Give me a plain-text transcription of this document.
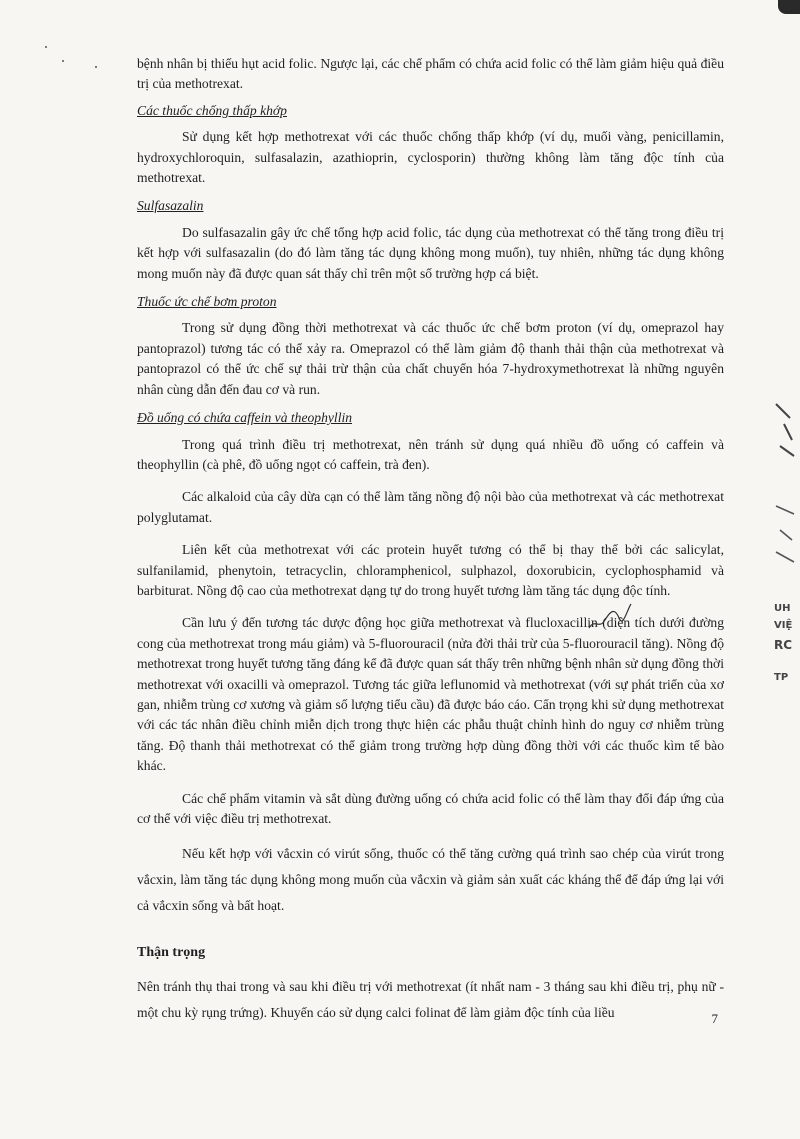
bệnh nhân bị thiếu hụt acid folic. Ngược lại, các chế phẩm có chứa acid folic có thể làm giảm hiệu quả điều trị của methotrexat.

Các thuốc chống thấp khớp

Sử dụng kết hợp methotrexat với các thuốc chống thấp khớp (ví dụ, muối vàng, penicillamin, hydroxychloroquin, sulfasalazin, azathioprin, cyclosporin) thường không làm tăng độc tính của methotrexat.

Sulfasazalin

Do sulfasazalin gây ức chế tổng hợp acid folic, tác dụng của methotrexat có thể tăng trong điều trị kết hợp với sulfasazalin (do đó làm tăng tác dụng không mong muốn), tuy nhiên, những tác dụng không mong muốn này đã được quan sát thấy chỉ trên một số trường hợp cá biệt.

Thuốc ức chế bơm proton

Trong sử dụng đồng thời methotrexat và các thuốc ức chế bơm proton (ví dụ, omeprazol hay pantoprazol) tương tác có thể xảy ra. Omeprazol có thể làm giảm độ thanh thải thận của methotrexat và pantoprazol có thể ức chế sự thải trừ thận của chất chuyển hóa 7-hydroxymethotrexat là những nguyên nhân cùng dẫn đến đau cơ và run.

Đồ uống có chứa caffein và theophyllin

Trong quá trình điều trị methotrexat, nên tránh sử dụng quá nhiều đồ uống có caffein và theophyllin (cà phê, đồ uống ngọt có caffein, trà đen).

Các alkaloid của cây dừa cạn có thể làm tăng nồng độ nội bào của methotrexat và các methotrexat polyglutamat.

Liên kết của methotrexat với các protein huyết tương có thể bị thay thế bởi các salicylat, sulfanilamid, phenytoin, tetracyclin, chloramphenicol, sulphazol, doxorubicin, cyclophosphamid và barbiturat. Nồng độ cao của methotrexat dạng tự do trong huyết tương làm tăng tác dụng độc tính.

Cần lưu ý đến tương tác dược động học giữa methotrexat và flucloxacillin (diện tích dưới đường cong của methotrexat trong máu giảm) và 5-fluorouracil (nửa đời thải trừ của 5-fluorouracil tăng). Nồng độ methotrexat trong huyết tương tăng đáng kể đã được quan sát thấy trên những bệnh nhân sử dụng đồng thời methotrexat với oxacilli và omeprazol. Tương tác giữa leflunomid và methotrexat (với sự phát triển của xơ gan, nhiễm trùng cơ xương và giảm số lượng tiểu cầu) đã được báo cáo. Cẩn trọng khi sử dụng methotrexat với các tác nhân điều chỉnh miễn dịch trong thực hiện các phẫu thuật chỉnh hình do nguy cơ nhiễm trùng tăng. Độ thanh thải methotrexat có thể giảm trong trường hợp dùng đồng thời với các thuốc kìm tế bào khác.

Các chế phẩm vitamin và sắt dùng đường uống có chứa acid folic có thể làm thay đổi đáp ứng của cơ thể với việc điều trị methotrexat.

Nếu kết hợp với vắcxin có virút sống, thuốc có thể tăng cường quá trình sao chép của virút trong vắcxin, làm tăng tác dụng không mong muốn của vắcxin và giảm sản xuất các kháng thể để đáp ứng lại với cả vắcxin sống và bất hoạt.

Thận trọng

Nên tránh thụ thai trong và sau khi điều trị với methotrexat (ít nhất nam - 3 tháng sau khi điều trị, phụ nữ - một chu kỳ rụng trứng). Khuyến cáo sử dụng calci folinat để làm giảm độc tính của liều

UH
VIỆ
RC
TP
7
